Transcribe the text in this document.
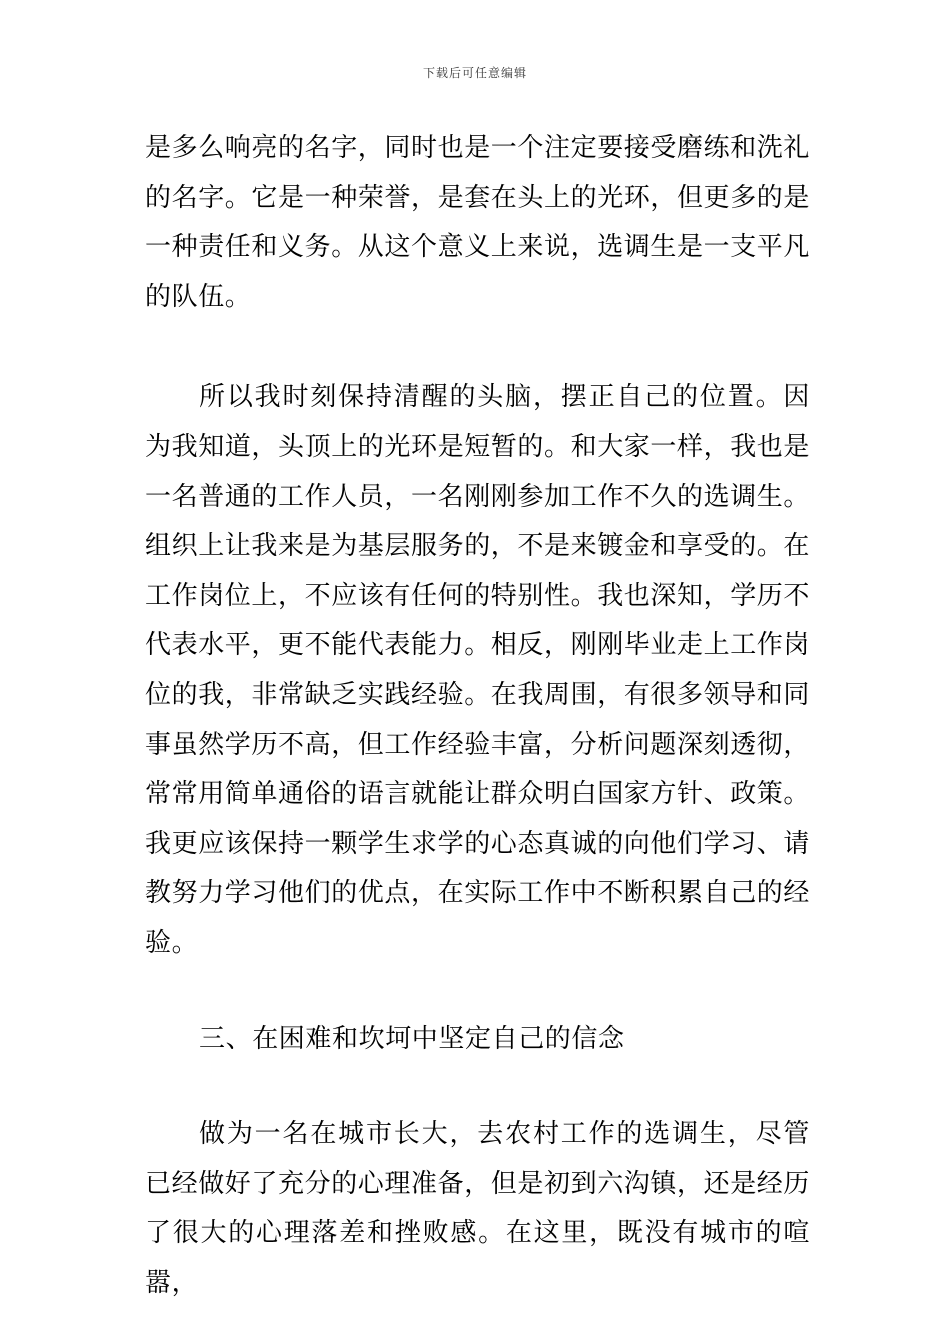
下载后可任意编辑

是多么响亮的名字，同时也是一个注定要接受磨练和洗礼的名字。它是一种荣誉，是套在头上的光环，但更多的是一种责任和义务。从这个意义上来说，选调生是一支平凡的队伍。

所以我时刻保持清醒的头脑，摆正自己的位置。因为我知道，头顶上的光环是短暂的。和大家一样，我也是一名普通的工作人员，一名刚刚参加工作不久的选调生。组织上让我来是为基层服务的，不是来镀金和享受的。在工作岗位上，不应该有任何的特别性。我也深知，学历不代表水平，更不能代表能力。相反，刚刚毕业走上工作岗位的我，非常缺乏实践经验。在我周围，有很多领导和同事虽然学历不高，但工作经验丰富，分析问题深刻透彻，常常用简单通俗的语言就能让群众明白国家方针、政策。我更应该保持一颗学生求学的心态真诚的向他们学习、请教努力学习他们的优点，在实际工作中不断积累自己的经验。

三、在困难和坎坷中坚定自己的信念

做为一名在城市长大，去农村工作的选调生，尽管已经做好了充分的心理准备，但是初到六沟镇，还是经历了很大的心理落差和挫败感。在这里，既没有城市的喧嚣，
